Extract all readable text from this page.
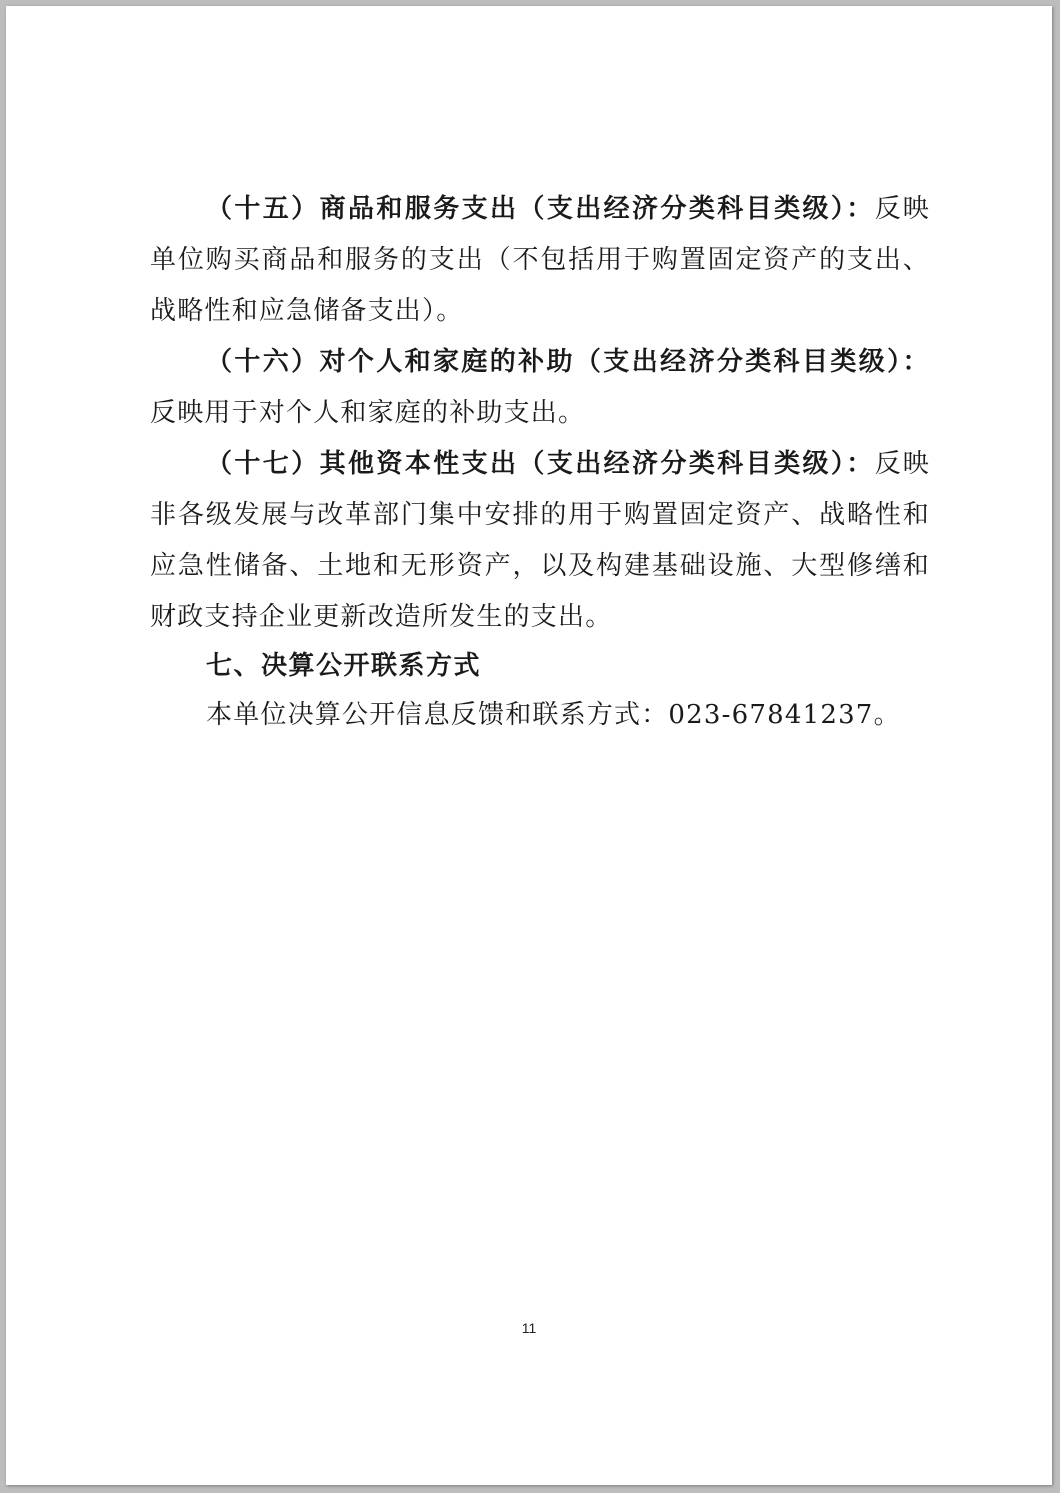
（十五）商品和服务支出（支出经济分类科目类级）：反映单位购买商品和服务的支出（不包括用于购置固定资产的支出、战略性和应急储备支出）。

（十六）对个人和家庭的补助（支出经济分类科目类级）：反映用于对个人和家庭的补助支出。

（十七）其他资本性支出（支出经济分类科目类级）：反映非各级发展与改革部门集中安排的用于购置固定资产、战略性和应急性储备、土地和无形资产，以及构建基础设施、大型修缮和财政支持企业更新改造所发生的支出。

七、决算公开联系方式

本单位决算公开信息反馈和联系方式：023-67841237。

11
